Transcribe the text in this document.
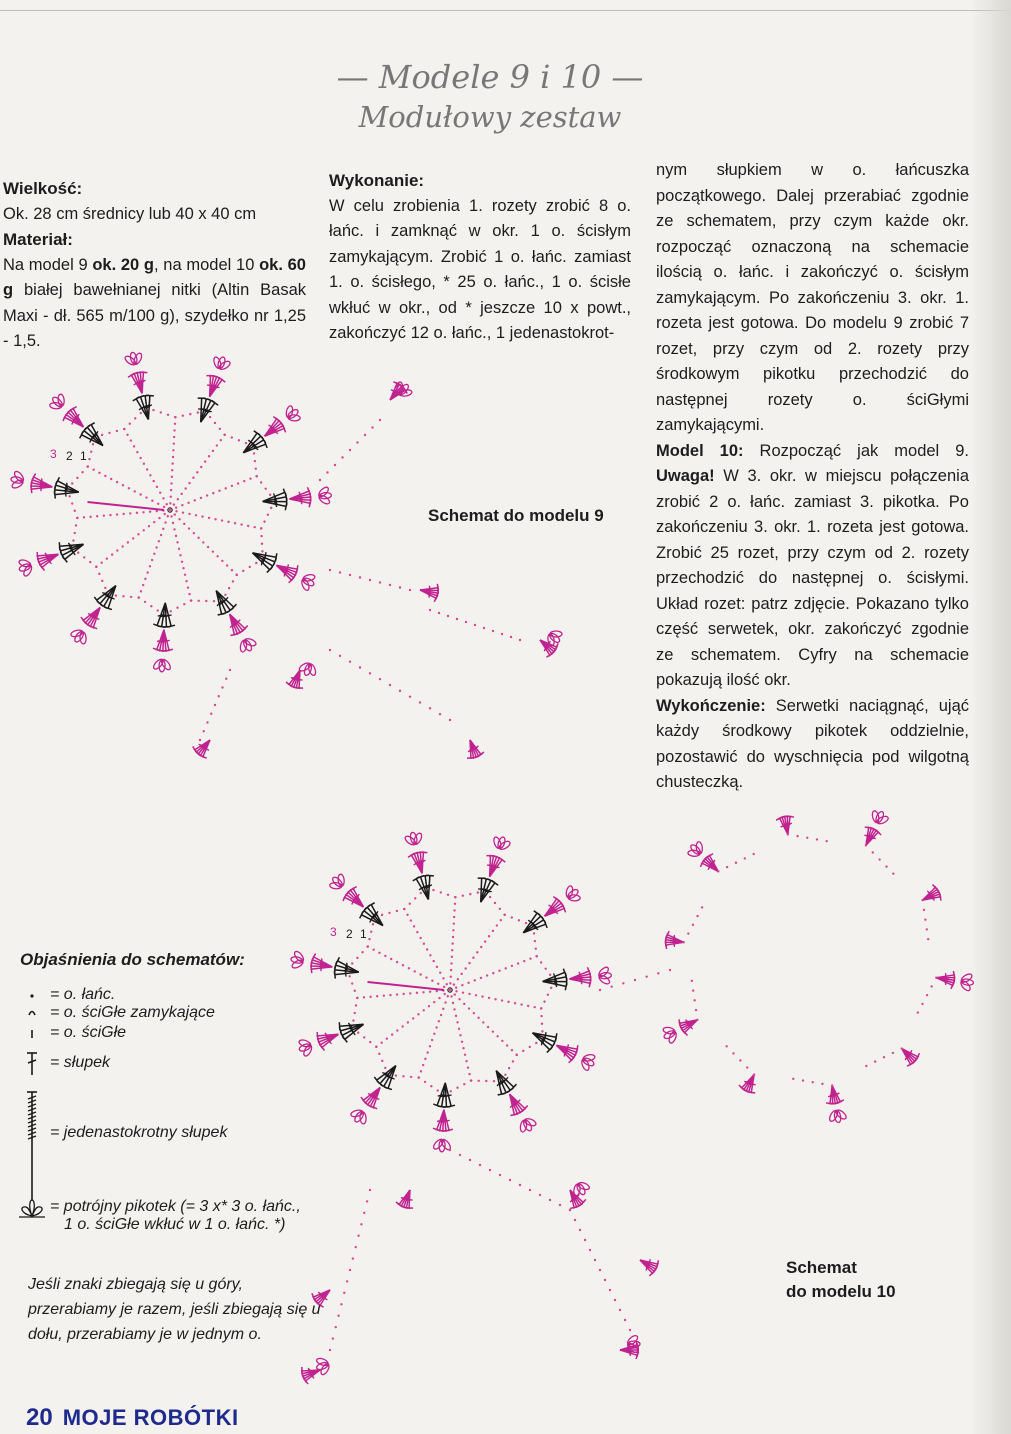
— Modele 9 i 10 —
Modułowy zestaw
Wielkość:

Ok. 28 cm średnicy lub 40 x 40 cm

Materiał:

Na model 9 ok. 20 g, na model 10 ok. 60 g białej bawełnianej nitki (Altin Basak Maxi - dł. 565 m/100 g), szydełko nr 1,25 - 1,5.

Wykonanie:

W celu zrobienia 1. rozety zrobić 8 o. łańc. i zamknąć w okr. 1 o. ścisłym zamykającym. Zrobić 1 o. łańc. zamiast 1. o. ścisłego, * 25 o. łańc., 1 o. ścisłe wkłuć w okr., od * jeszcze 10 x powt., zakończyć 12 o. łańc., 1 jedenastokrot-

nym słupkiem w o. łańcuszka początkowego. Dalej przerabiać zgodnie ze schematem, przy czym każde okr. rozpocząć oznaczoną na schemacie ilością o. łańc. i zakończyć o. ścisłym zamykającym. Po zakończeniu 3. okr. 1. rozeta jest gotowa. Do modelu 9 zrobić 7 rozet, przy czym od 2. rozety przy środkowym pikotku przechodzić do następnej rozety o. ściGłymi zamykającymi.

Model 10: Rozpocząć jak model 9. Uwaga! W 3. okr. w miejscu połączenia zrobić 2 o. łańc. zamiast 3. pikotka. Po zakończeniu 3. okr. 1. rozeta jest gotowa. Zrobić 25 rozet, przy czym od 2. rozety przechodzić do następnej o. ścisłymi. Układ rozet: patrz zdjęcie. Pokazano tylko część serwetek, okr. zakończyć zgodnie ze schematem. Cyfry na schemacie pokazują ilość okr.

Wykończenie: Serwetki naciągnąć, ująć każdy środkowy pikotek oddzielnie, pozostawić do wyschnięcia pod wilgotną chusteczką.

1
2
3
Schemat do modelu 9
1
2
3
Schemat
do modelu 10
Objaśnienia do schematów:
= o. łańc.
= o. ściGłe zamykające
= o. ściGłe
= słupek
= jedenastokrotny słupek
= potrójny pikotek (= 3 x* 3 o. łańc.,
1 o. ściGłe wkłuć w 1 o. łańc. *)
Jeśli znaki zbiegają się u góry, przerabiamy je razem, jeśli zbiegają się u dołu, przerabiamy je w jednym o.
20 MOJE ROBÓTKI
